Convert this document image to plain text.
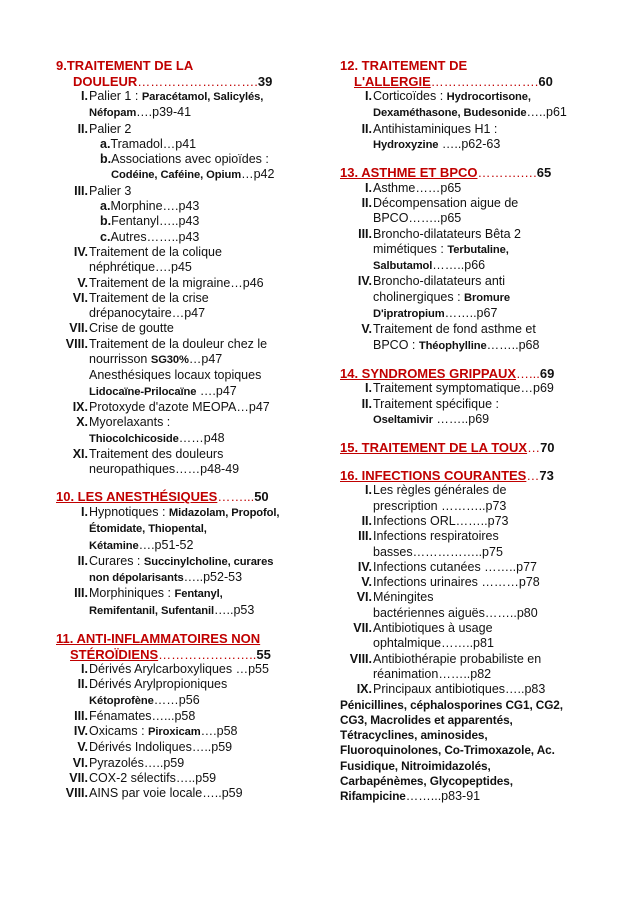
9.TRAITEMENT DE LA
DOULEUR……………………….39
I. Palier 1 : Paracétamol, Salicylés,
Néfopam….p39-41
II. Palier 2
a.Tramadol…p41
b.Associations avec opioïdes :
Codéine, Caféine, Opium…p42
III. Palier 3
a.Morphine….p43
b.Fentanyl…..p43
c.Autres……..p43
IV. Traitement de la colique
néphrétique….p45
V. Traitement de la migraine…p46
VI. Traitement de la crise
drépanocytaire…p47
VII. Crise de goutte
VIII. Traitement de la douleur chez le
nourrisson SG30%…p47
Anesthésiques locaux topiques
Lidocaïne-Prilocaïne ….p47
IX. Protoxyde d'azote MEOPA…p47
X. Myorelaxants :
Thiocolchicoside……p48
XI. Traitement des douleurs
neuropathiques……p48-49
10. LES ANESTHÉSIQUES……...50
I. Hypnotiques : Midazolam, Propofol,
Étomidate, Thiopental,
Kétamine….p51-52
II. Curares : Succinylcholine, curares
non dépolarisants…..p52-53
III. Morphiniques : Fentanyl,
Remifentanil, Sufentanil…..p53
11. ANTI-INFLAMMATOIRES NON
STÉROÏDIENS…………………..55
I. Dérivés Arylcarboxyliques …p55
II. Dérivés Arylpropioniques
Kétoprofène……p56
III. Fénamates…...p58
IV. Oxicams : Piroxicam….p58
V. Dérivés Indoliques…..p59
VI. Pyrazolés…..p59
VII. COX-2 sélectifs…..p59
VIII. AINS par voie locale…..p59
12. TRAITEMENT DE
L'ALLERGIE…………………….60
I. Corticoïdes : Hydrocortisone,
Dexaméthasone, Budesonide…..p61
II. Antihistaminiques H1 :
Hydroxyzine …..p62-63
13. ASTHME ET BPCO……….….65
I. Asthme……p65
II. Décompensation aigue de
BPCO……..p65
III. Broncho-dilatateurs Bêta 2
mimétiques : Terbutaline,
Salbutamol……..p66
IV. Broncho-dilatateurs anti
cholinergiques : Bromure
D'ipratropium……..p67
V. Traitement de fond asthme et
BPCO : Théophylline……..p68
14. SYNDROMES GRIPPAUX…...69
I. Traitement symptomatique…p69
II. Traitement spécifique :
Oseltamivir ……..p69
15. TRAITEMENT DE LA TOUX…70
16. INFECTIONS COURANTES…73
I. Les règles générales de
prescription ………..p73
II. Infections ORL……..p73
III. Infections respiratoires
basses……………..p75
IV. Infections cutanées ……..p77
V. Infections urinaires ………p78
VI. Méningites
bactériennes aiguës……..p80
VII. Antibiotiques à usage
ophtalmique……..p81
VIII. Antibiothérapie probabiliste en
réanimation……..p82
IX. Principaux antibiotiques…..p83
Pénicillines, céphalosporines CG1, CG2,
CG3, Macrolides et apparentés,
Tétracyclines, aminosides,
Fluoroquinolones, Co-Trimoxazole, Ac.
Fusidique, Nitroimidazolés,
Carbapénèmes, Glycopeptides,
Rifampicine……...p83-91
